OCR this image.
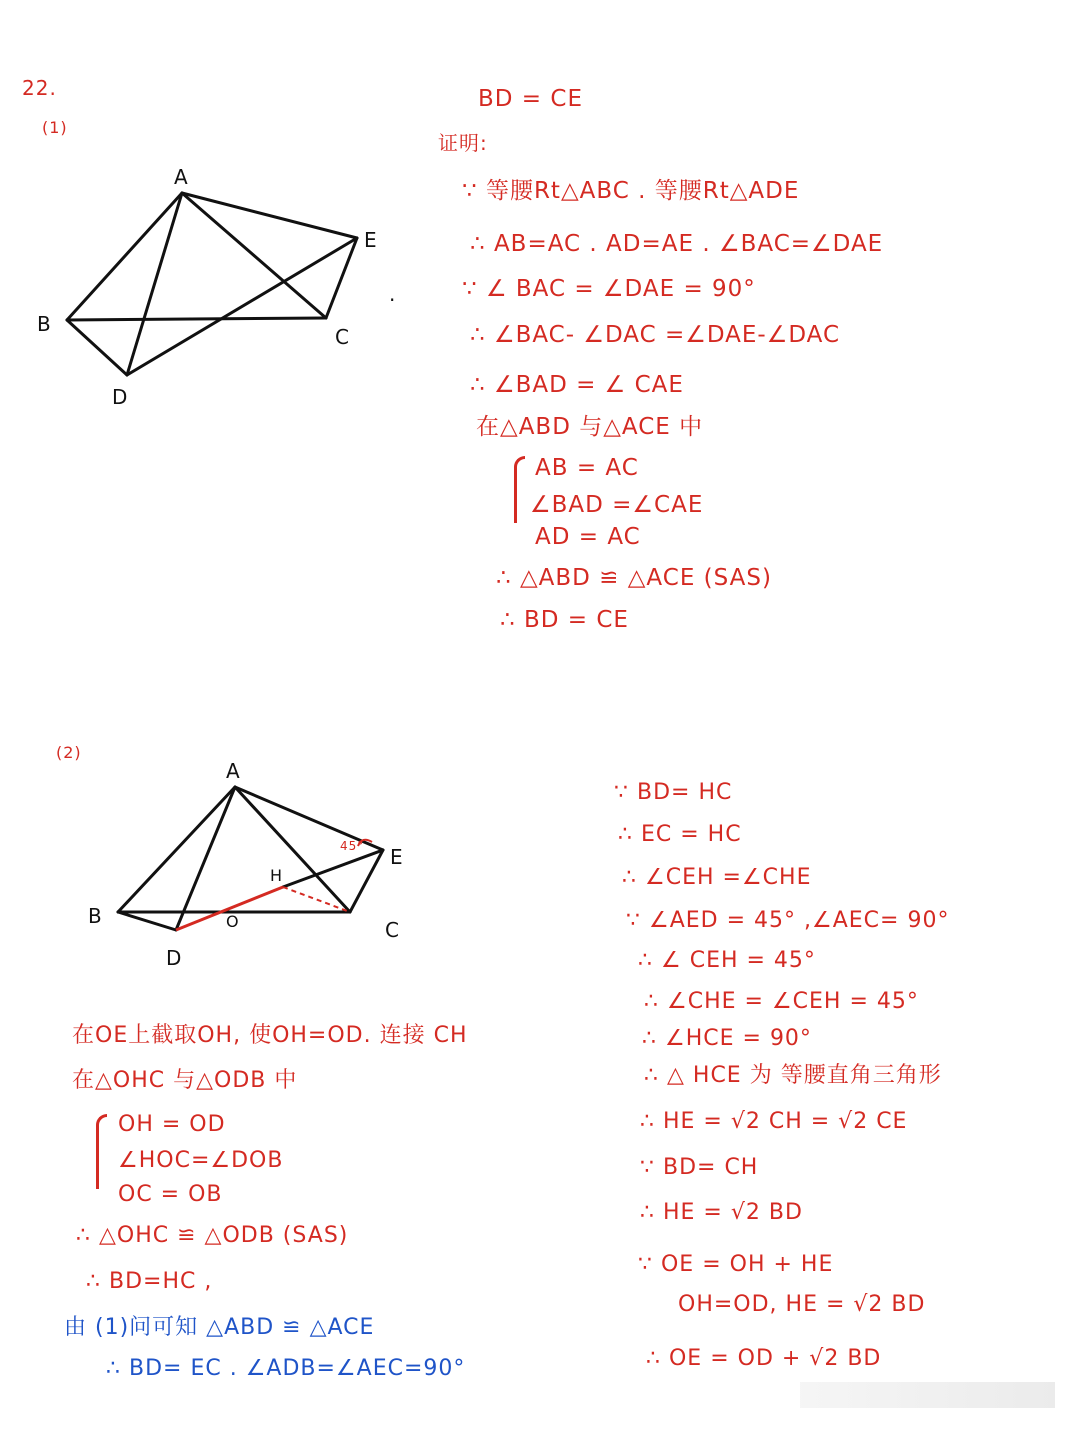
22.
(1)
A
B
C
D
E
.
BD = CE
证明:
∵ 等腰Rt△ABC . 等腰Rt△ADE
∴ AB=AC . AD=AE . ∠BAC=∠DAE
∵ ∠ BAC = ∠DAE = 90°
∴ ∠BAC- ∠DAC =∠DAE-∠DAC
∴ ∠BAD = ∠ CAE
在△ABD 与△ACE 中
AB = AC
∠BAD =∠CAE
AD = AC
∴ △ABD ≌ △ACE (SAS)
∴ BD = CE
(2)
A
B
C
D
E
H
O
45°
在OE上截取OH, 使OH=OD. 连接 CH
在△OHC 与△ODB 中
OH = OD
∠HOC=∠DOB
OC = OB
∴ △OHC ≌ △ODB (SAS)
∴ BD=HC ,
由 (1)问可知 △ABD ≌ △ACE
∴ BD= EC . ∠ADB=∠AEC=90°
∵ BD= HC
∴ EC = HC
∴ ∠CEH =∠CHE
∵ ∠AED = 45° ,∠AEC= 90°
∴ ∠ CEH = 45°
∴ ∠CHE = ∠CEH = 45°
∴ ∠HCE = 90°
∴ △ HCE 为 等腰直角三角形
∴ HE = √2 CH = √2 CE
∵ BD= CH
∴ HE = √2 BD
∵ OE = OH + HE
OH=OD, HE = √2 BD
∴ OE = OD + √2 BD
